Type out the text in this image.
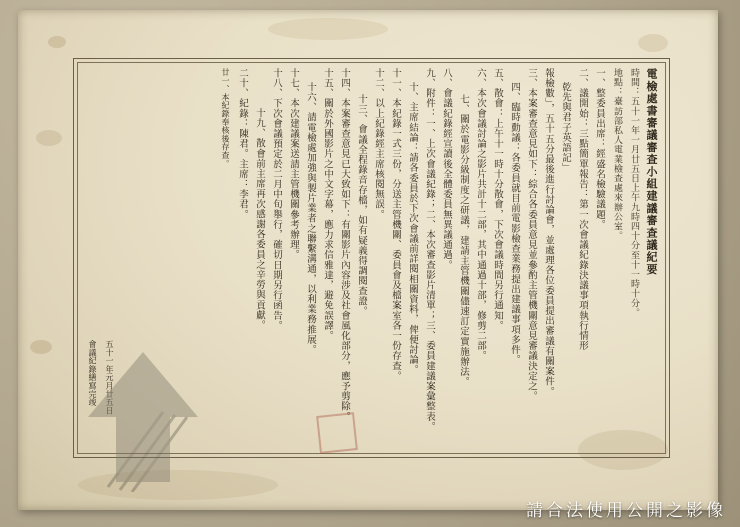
電檢處書審議審查小組建議審查議紀要
時間：五十一年一月廿五日上午九時四十分至十一時十分。
地點：臺訪部私人電業檢查處來辦公室。
一、整委員出席：經盛名檢驗議題。
二、議開始：三點簡單報告：第一次會議紀錄決議事項執行情形
乾先與君子英語記」
報檢數」，五十五分最後進行討論會，並處理各位委員提出審議有關案件。
三、本案審查意見如下：綜合各委員意見並參酌主管機關意見審議決定之。
四、臨時動議：各委員就目前電影檢查業務提出建議事項多件。
五、散會：上午十一時十分散會，下次會議時間另行通知。
六、本次會議討論之影片共計十二部，其中通過十部，修剪二部。
七、關於電影分級制度之研議，建請主管機關儘速訂定實施辦法。
八、會議紀錄經宣讀後全體委員無異議通過。
九、附件：一、上次會議紀錄；二、本次審查影片清單；三、委員建議案彙整表。
十、主席結論：請各委員於下次會議前詳閱相關資料，俾便討論。
十一、本紀錄一式三份，分送主管機關、委員會及檔案室各一份存查。
十二、以上紀錄經主席核閱無誤。
十三、會議全程錄音存檔，如有疑義得調閱查證。
十四、本案審查意見已大致如下：有關影片內容涉及社會風化部分，應予剪除。
十五、關於外國影片之中文字幕，應力求信雅達，避免誤譯。
十六、請電檢處加強與製片業者之聯繫溝通，以利業務推展。
十七、本次建議案送請主管機關參考辦理。
十八、下次會議預定於二月中旬舉行，確切日期另行函告。
十九、散會前主席再次感謝各委員之辛勞與貢獻。
二十、紀錄：陳君。主席：李君。
廿一、本紀錄奉核後存查。
五十一年元月廿五日
會議紀錄繕寫完竣
請合法使用公開之影像
